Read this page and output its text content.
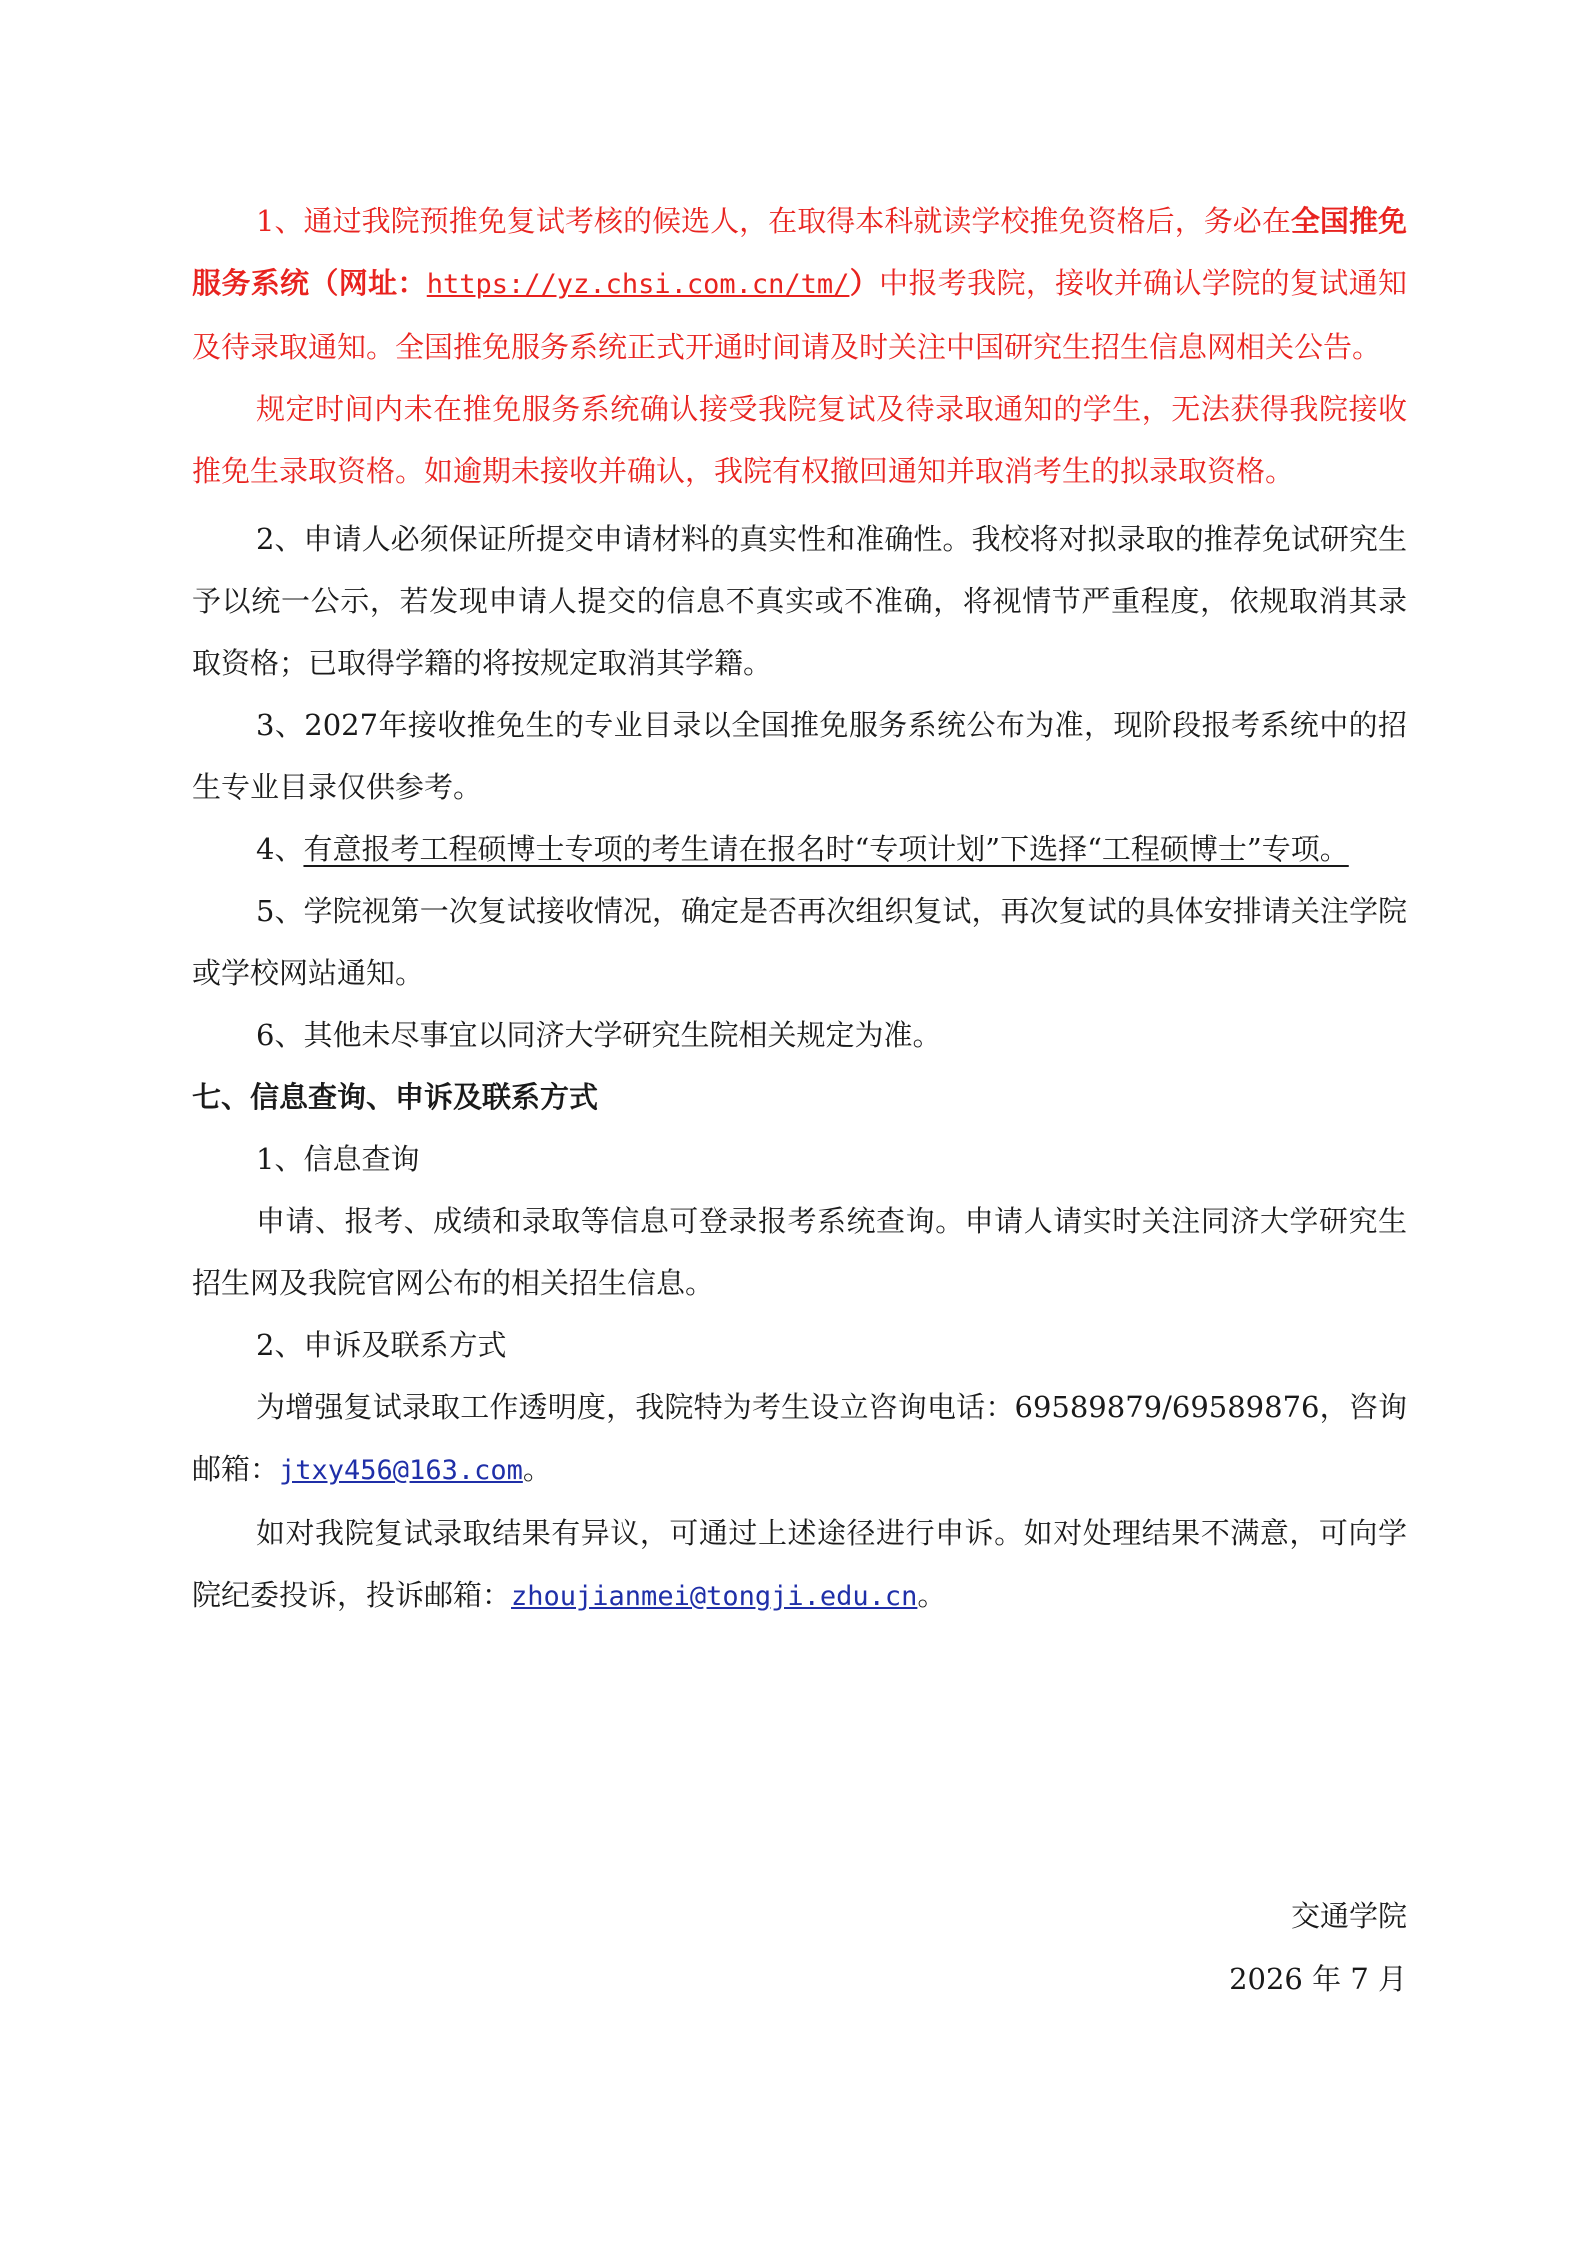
1、通过我院预推免复试考核的候选人，在取得本科就读学校推免资格后，务必在全国推免服务系统（网址：https://yz.chsi.com.cn/tm/）中报考我院，接收并确认学院的复试通知及待录取通知。全国推免服务系统正式开通时间请及时关注中国研究生招生信息网相关公告。

规定时间内未在推免服务系统确认接受我院复试及待录取通知的学生，无法获得我院接收推免生录取资格。如逾期未接收并确认，我院有权撤回通知并取消考生的拟录取资格。

2、申请人必须保证所提交申请材料的真实性和准确性。我校将对拟录取的推荐免试研究生予以统一公示，若发现申请人提交的信息不真实或不准确，将视情节严重程度，依规取消其录取资格；已取得学籍的将按规定取消其学籍。

3、2027年接收推免生的专业目录以全国推免服务系统公布为准，现阶段报考系统中的招生专业目录仅供参考。

4、有意报考工程硕博士专项的考生请在报名时“专项计划”下选择“工程硕博士”专项。

5、学院视第一次复试接收情况，确定是否再次组织复试，再次复试的具体安排请关注学院或学校网站通知。

6、其他未尽事宜以同济大学研究生院相关规定为准。

七、信息查询、申诉及联系方式

1、信息查询

申请、报考、成绩和录取等信息可登录报考系统查询。申请人请实时关注同济大学研究生招生网及我院官网公布的相关招生信息。

2、申诉及联系方式

为增强复试录取工作透明度，我院特为考生设立咨询电话：69589879/69589876，咨询邮箱：jtxy456@163.com。

如对我院复试录取结果有异议，可通过上述途径进行申诉。如对处理结果不满意，可向学院纪委投诉，投诉邮箱：zhoujianmei@tongji.edu.cn。

交通学院
2026 年 7 月
